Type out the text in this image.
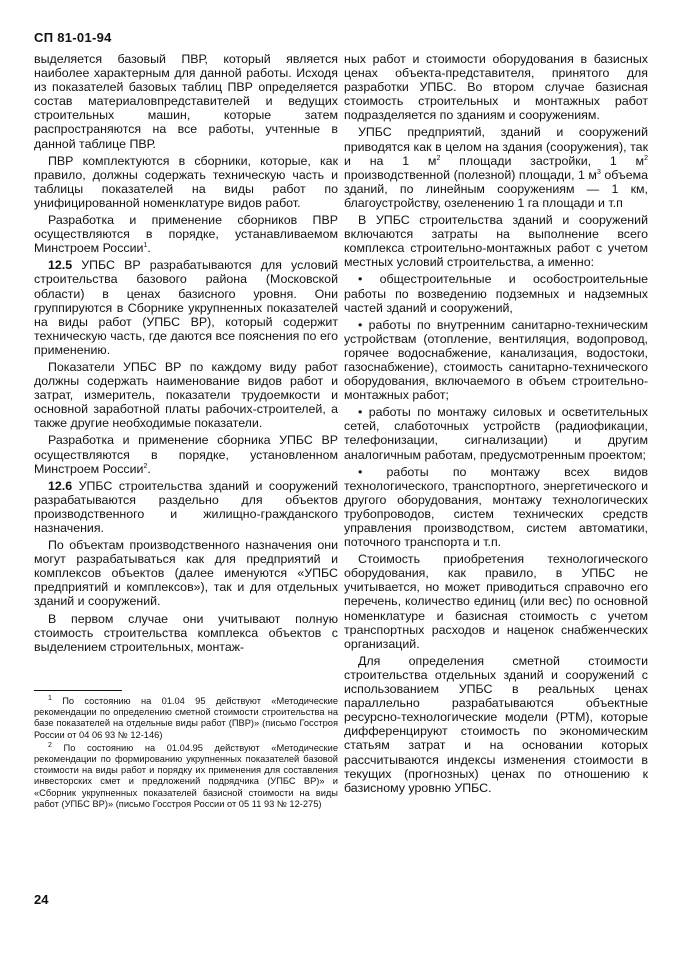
СП 81-01-94

выделяется базовый ПВР, который является наиболее характерным для данной работы. Исходя из показателей базовых таблиц ПВР определяется состав материаловпредставителей и ведущих строительных машин, которые затем распространяются на все работы, учтенные в данной таблице ПВР.

ПВР комплектуются в сборники, которые, как правило, должны содержать техническую часть и таблицы показателей на виды работ по унифицированной номенклатуре видов работ.

Разработка и применение сборников ПВР осуществляются в порядке, устанавливаемом Минстроем России$^1$.

12.5 УПБС ВР разрабатываются для условий строительства базового района (Московской области) в ценах базисного уровня. Они группируются в Сборнике укрупненных показателей на виды работ (УПБС ВР), который содержит техническую часть, где даются все пояснения по его применению.

Показатели УПБС ВР по каждому виду работ должны содержать наименование видов работ и затрат, измеритель, показатели трудоемкости и основной заработной платы рабочих-строителей, а также другие необходимые показатели.

Разработка и применение сборника УПБС ВР осуществляются в порядке, установленном Минстроем России$^2$.

12.6 УПБС строительства зданий и сооружений разрабатываются раздельно для объектов производственного и жилищно-гражданского назначения.

По объектам производственного назначения они могут разрабатываться как для предприятий и комплексов объектов (далее именуются «УПБС предприятий и комплексов»), так и для отдельных зданий и сооружений.

В первом случае они учитывают полную стоимость строительства комплекса объектов с выделением строительных, монтаж-

ных работ и стоимости оборудования в базисных ценах объекта-представителя, принятого для разработки УПБС. Во втором случае базисная стоимость строительных и монтажных работ подразделяется по зданиям и сооружениям.

УПБС предприятий, зданий и сооружений приводятся как в целом на здания (сооружения), так и на 1 $м^2$ площади застройки, 1 $м^2$ производственной (полезной) площади, 1 $м^3$ объема зданий, по линейным сооружениям — 1 км, благоустройству, озеленению 1 га площади и т.п

В УПБС строительства зданий и сооружений включаются затраты на выполнение всего комплекса строительно-монтажных работ с учетом местных условий строительства, а именно:

• общестроительные и особостроительные работы по возведению подземных и надземных частей зданий и сооружений,

• работы по внутренним санитарно-техническим устройствам (отопление, вентиляция, водопровод, горячее водоснабжение, канализация, водостоки, газоснабжение), стоимость санитарно-технического оборудования, включаемого в объем строительно-монтажных работ;

• работы по монтажу силовых и осветительных сетей, слаботочных устройств (радиофикации, телефонизации, сигнализации) и другим аналогичным работам, предусмотренным проектом;

• работы по монтажу всех видов технологического, транспортного, энергетического и другого оборудования, монтажу технологических трубопроводов, систем технических средств управления производством, систем автоматики, поточного транспорта и т.п.

Стоимость приобретения технологического оборудования, как правило, в УПБС не учитывается, но может приводиться справочно его перечень, количество единиц (или вес) по основной номенклатуре и базисная стоимость с учетом транспортных расходов и наценок снабженческих организаций.

Для определения сметной стоимости строительства отдельных зданий и сооружений с использованием УПБС в реальных ценах параллельно разрабатываются объектные ресурсно-технологические модели (РТМ), которые дифференцируют стоимость по экономическим статьям затрат и на основании которых рассчитываются индексы изменения стоимости в текущих (прогнозных) ценах по отношению к базисному уровню УПБС.

$^1$ По состоянию на 01.04 95 действуют «Методические рекомендации по определению сметной стоимости строительства на базе показателей на отдельные виды работ (ПВР)» (письмо Госстроя России от 04 06 93 № 12-146)

$^2$ По состоянию на 01.04.95 действуют «Методические рекомендации по формированию укрупненных показателей базовой стоимости на виды работ и порядку их применения для составления инвесторских смет и предложений подрядчика (УПБС ВР)» и «Сборник укрупненных показателей базисной стоимости на виды работ (УПБС ВР)» (письмо Госстроя России от 05 11 93 № 12-275)

24
